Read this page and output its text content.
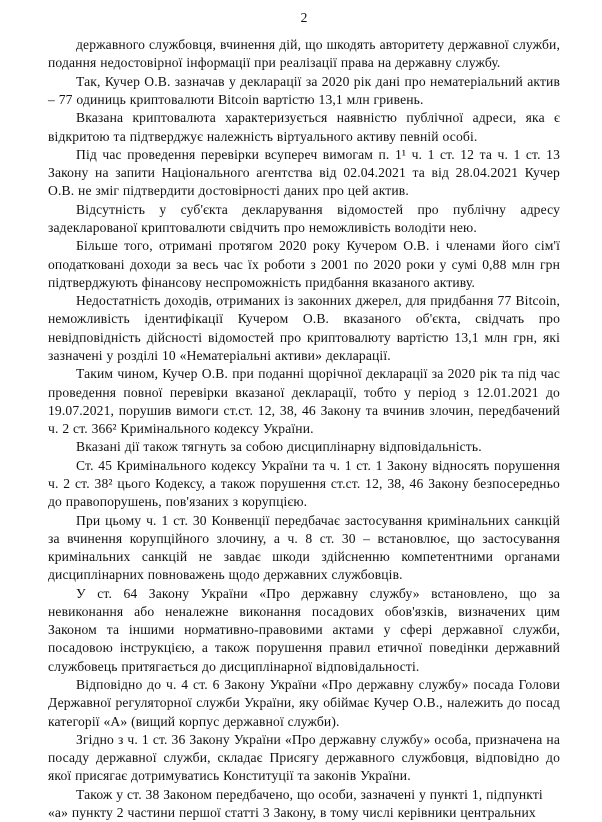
2

державного службовця, вчинення дій, що шкодять авторитету державної служби, подання недостовірної інформації при реалізації права на державну службу.

Так, Кучер О.В. зазначав у декларації за 2020 рік дані про нематеріальний актив – 77 одиниць криптовалюти Bitcoin вартістю 13,1 млн гривень.

Вказана криптовалюта характеризується наявністю публічної адреси, яка є відкритою та підтверджує належність віртуального активу певній особі.

Під час проведення перевірки всупереч вимогам п. 1¹ ч. 1 ст. 12 та ч. 1 ст. 13 Закону на запити Національного агентства від 02.04.2021 та від 28.04.2021 Кучер О.В. не зміг підтвердити достовірності даних про цей актив.

Відсутність у суб'єкта декларування відомостей про публічну адресу задекларованої криптовалюти свідчить про неможливість володіти нею.

Більше того, отримані протягом 2020 року Кучером О.В. і членами його сім'ї оподатковані доходи за весь час їх роботи з 2001 по 2020 роки у сумі 0,88 млн грн підтверджують фінансову неспроможність придбання вказаного активу.

Недостатність доходів, отриманих із законних джерел, для придбання 77 Bitcoin, неможливість ідентифікації Кучером О.В. вказаного об'єкта, свідчать про невідповідність дійсності відомостей про криптовалюту вартістю 13,1 млн грн, які зазначені у розділі 10 «Нематеріальні активи» декларації.

Таким чином, Кучер О.В. при поданні щорічної декларації за 2020 рік та під час проведення повної перевірки вказаної декларації, тобто у період з 12.01.2021 до 19.07.2021, порушив вимоги ст.ст. 12, 38, 46 Закону та вчинив злочин, передбачений ч. 2 ст. 366² Кримінального кодексу України.

Вказані дії також тягнуть за собою дисциплінарну відповідальність.

Ст. 45 Кримінального кодексу України та ч. 1 ст. 1 Закону відносять порушення ч. 2 ст. 38² цього Кодексу, а також порушення ст.ст. 12, 38, 46 Закону безпосередньо до правопорушень, пов'язаних з корупцією.

При цьому ч. 1 ст. 30 Конвенції передбачає застосування кримінальних санкцій за вчинення корупційного злочину, а ч. 8 ст. 30 – встановлює, що застосування кримінальних санкцій не завдає шкоди здійсненню компетентними органами дисциплінарних повноважень щодо державних службовців.

У ст. 64 Закону України «Про державну службу» встановлено, що за невиконання або неналежне виконання посадових обов'язків, визначених цим Законом та іншими нормативно-правовими актами у сфері державної служби, посадовою інструкцією, а також порушення правил етичної поведінки державний службовець притягається до дисциплінарної відповідальності.

Відповідно до ч. 4 ст. 6 Закону України «Про державну службу» посада Голови Державної регуляторної служби України, яку обіймає Кучер О.В., належить до посад категорії «А» (вищий корпус державної служби).

Згідно з ч. 1 ст. 36 Закону України «Про державну службу» особа, призначена на посаду державної служби, складає Присягу державного службовця, відповідно до якої присягає дотримуватись Конституції та законів України.

Також у ст. 38 Законом передбачено, що особи, зазначені у пункті 1, підпункті «а» пункту 2 частини першої статті 3 Закону, в тому числі керівники центральних
